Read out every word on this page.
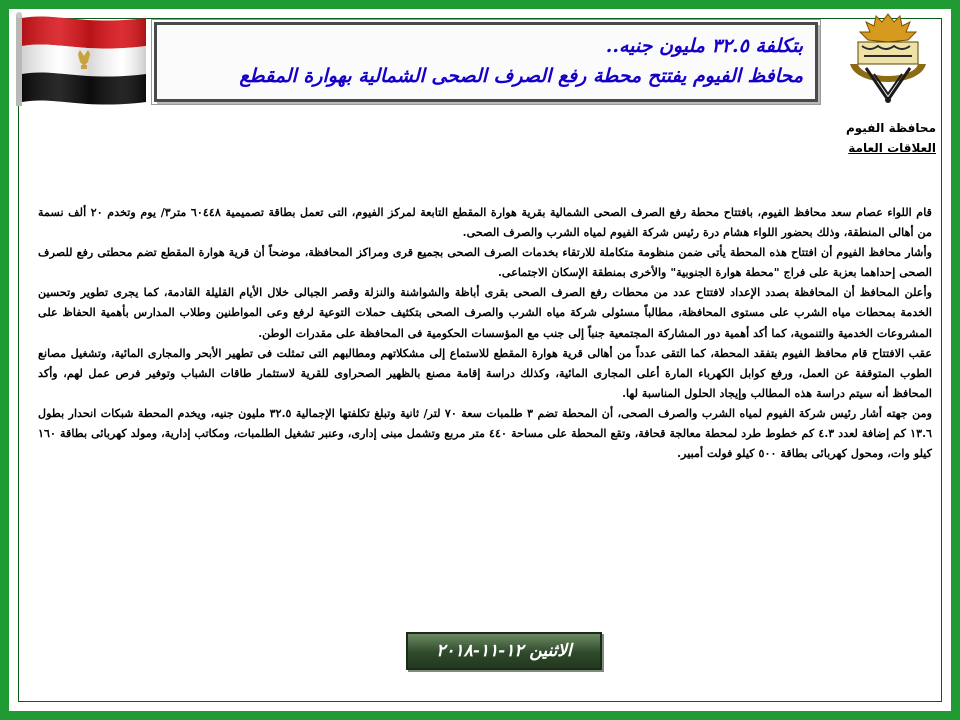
بتكلفة ٣٢.٥ مليون جنيه..
محافظ الفيوم يفتتح محطة رفع الصرف الصحى الشمالية بهوارة المقطع
محافظة الفيوم
العلاقات العامة

قام اللواء عصام سعد محافظ الفيوم، بافتتاح محطة رفع الصرف الصحى الشمالية بقرية هوارة المقطع التابعة لمركز الفيوم، التى تعمل بطاقة تصميمية ٦٠٤٤٨ متر٣/ يوم وتخدم ٢٠ ألف نسمة من أهالى المنطقة، وذلك بحضور اللواء هشام درة رئيس شركة الفيوم لمياه الشرب والصرف الصحى.

وأشار محافظ الفيوم أن افتتاح هذه المحطة يأتى ضمن منظومة متكاملة للارتقاء بخدمات الصرف الصحى بجميع قرى ومراكز المحافظة، موضحاً أن قرية هوارة المقطع تضم محطتى رفع للصرف الصحى إحداهما بعزبة على فراج "محطة هوارة الجنوبية" والأخرى بمنطقة الإسكان الاجتماعى.

وأعلن المحافظ أن المحافظة بصدد الإعداد لافتتاح عدد من محطات رفع الصرف الصحى بقرى أباظة والشواشنة والنزلة وقصر الجبالى خلال الأيام القليلة القادمة، كما يجرى تطوير وتحسين الخدمة بمحطات مياه الشرب على مستوى المحافظة، مطالباً مسئولى شركة مياه الشرب والصرف الصحى بتكثيف حملات التوعية لرفع وعى المواطنين وطلاب المدارس بأهمية الحفاظ على المشروعات الخدمية والتنموية، كما أكد أهمية دور المشاركة المجتمعية جنباً إلى جنب مع المؤسسات الحكومية فى المحافظة على مقدرات الوطن.

عقب الافتتاح قام محافظ الفيوم بتفقد المحطة، كما التقى عدداً من أهالى قرية هوارة المقطع للاستماع إلى مشكلاتهم ومطالبهم التى تمثلت فى تطهير الأبحر والمجارى المائية، وتشغيل مصانع الطوب المتوقفة عن العمل، ورفع كوابل الكهرباء المارة أعلى المجارى المائية، وكذلك دراسة إقامة مصنع بالظهير الصحراوى للقرية لاستثمار طاقات الشباب وتوفير فرص عمل لهم، وأكد المحافظ أنه سيتم دراسة هذه المطالب وإيجاد الحلول المناسبة لها.

ومن جهته أشار رئيس شركة الفيوم لمياه الشرب والصرف الصحى، أن المحطة تضم ٣ طلمبات سعة ٧٠ لتر/ ثانية وتبلغ تكلفتها الإجمالية ٣٢.٥ مليون جنيه، ويخدم المحطة شبكات انحدار بطول ١٣.٦ كم إضافة لعدد ٤.٣ كم خطوط طرد لمحطة معالجة قحافة، وتقع المحطة على مساحة ٤٤٠ متر مربع وتشمل مبنى إدارى، وعنبر تشغيل الطلمبات، ومكاتب إدارية، ومولد كهربائى بطاقة ١٦٠ كيلو وات، ومحول كهربائى بطاقة ٥٠٠ كيلو فولت أمبير.

الاثنين ١٢-١١-٢٠١٨
